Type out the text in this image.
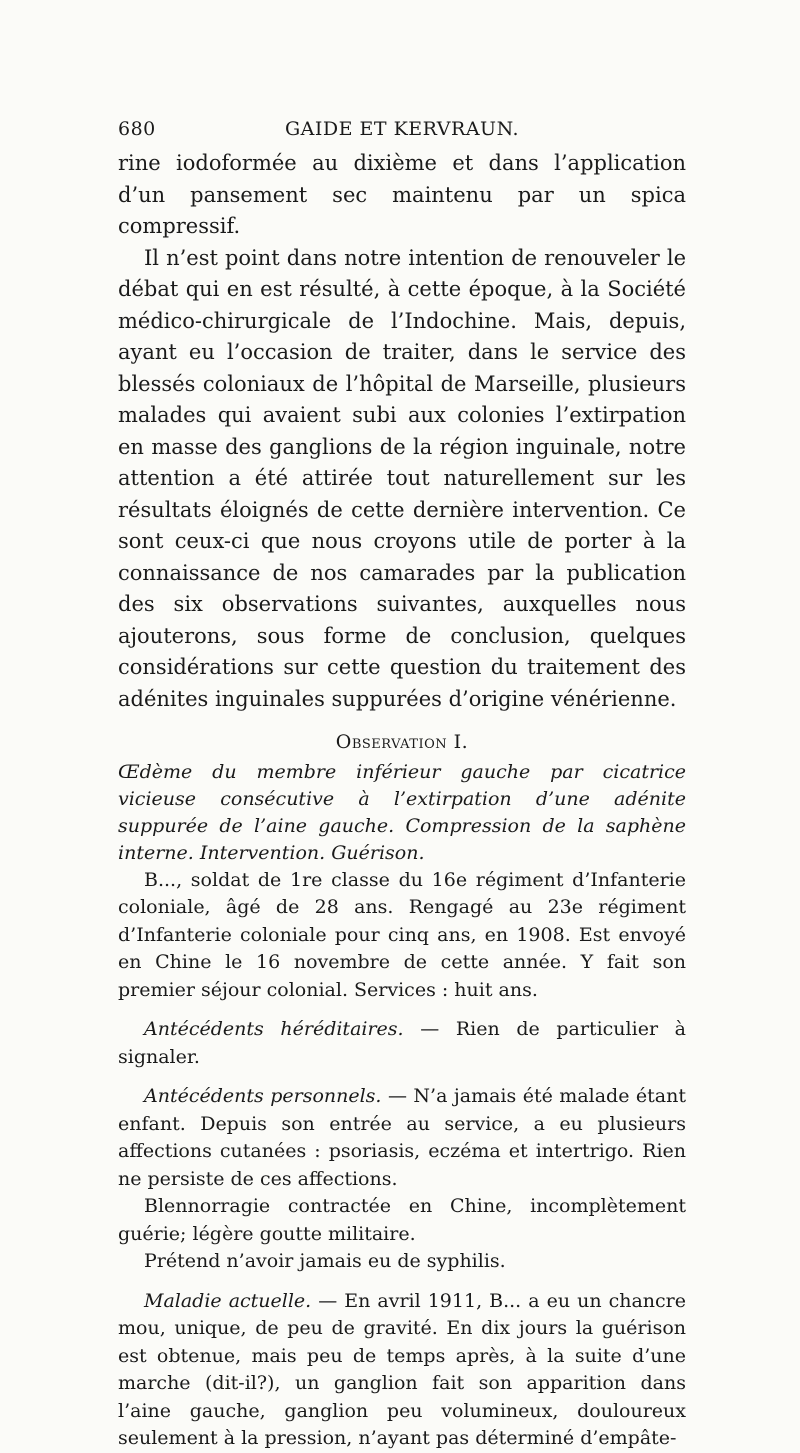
680	GAIDE ET KERVRAUN.

rine iodoformée au dixième et dans l’application d’un pansement sec maintenu par un spica compressif.

Il n’est point dans notre intention de renouveler le débat qui en est résulté, à cette époque, à la Société médico-chirurgicale de l’Indochine. Mais, depuis, ayant eu l’occasion de traiter, dans le service des blessés coloniaux de l’hôpital de Marseille, plusieurs malades qui avaient subi aux colonies l’extirpation en masse des ganglions de la région inguinale, notre attention a été attirée tout naturellement sur les résultats éloignés de cette dernière intervention. Ce sont ceux-ci que nous croyons utile de porter à la connaissance de nos camarades par la publication des six observations suivantes, auxquelles nous ajouterons, sous forme de conclusion, quelques considérations sur cette question du traitement des adénites inguinales suppurées d’origine vénérienne.

Observation I.

Œdème du membre inférieur gauche par cicatrice vicieuse consécutive à l’extirpation d’une adénite suppurée de l’aine gauche. Compression de la saphène interne. Intervention. Guérison.

B..., soldat de 1re classe du 16e régiment d’Infanterie coloniale, âgé de 28 ans. Rengagé au 23e régiment d’Infanterie coloniale pour cinq ans, en 1908. Est envoyé en Chine le 16 novembre de cette année. Y fait son premier séjour colonial. Services : huit ans.

Antécédents héréditaires. — Rien de particulier à signaler.

Antécédents personnels. — N’a jamais été malade étant enfant. Depuis son entrée au service, a eu plusieurs affections cutanées : psoriasis, eczéma et intertrigo. Rien ne persiste de ces affections.

Blennorragie contractée en Chine, incomplètement guérie; légère goutte militaire.

Prétend n’avoir jamais eu de syphilis.

Maladie actuelle. — En avril 1911, B... a eu un chancre mou, unique, de peu de gravité. En dix jours la guérison est obtenue, mais peu de temps après, à la suite d’une marche (dit-il?), un ganglion fait son apparition dans l’aine gauche, ganglion peu volumineux, douloureux seulement à la pression, n’ayant pas déterminé d’empâte-
